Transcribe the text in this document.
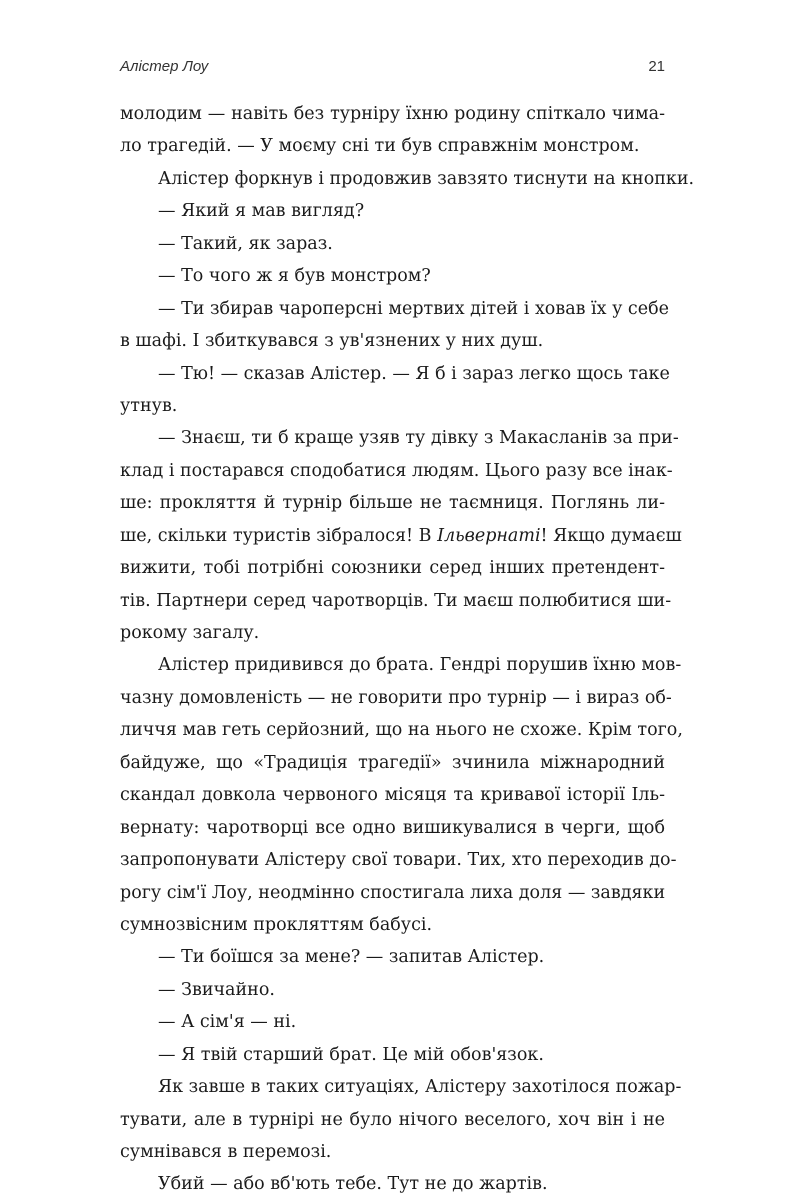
Алістер Лоу	21
молодим — навіть без турніру їхню родину спіткало чима-
ло трагедій. — У моєму сні ти був справжнім монстром.
Алістер форкнув і продовжив завзято тиснути на кнопки.
— Який я мав вигляд?
— Такий, як зараз.
— То чого ж я був монстром?
— Ти збирав чароперсні мертвих дітей і ховав їх у себе
в шафі. І збиткувався з ув'язнених у них душ.
— Тю! — сказав Алістер. — Я б і зараз легко щось таке
утнув.
— Знаєш, ти б краще узяв ту дівку з Макасланів за при-
клад і постарався сподобатися людям. Цього разу все інак-
ше: прокляття й турнір більше не таємниця. Поглянь ли-
ше, скільки туристів зібралося! В Ільвернаті! Якщо думаєш
вижити, тобі потрібні союзники серед інших претендент-
тів. Партнери серед чаротворців. Ти маєш полюбитися ши-
рокому загалу.
Алістер придивився до брата. Гендрі порушив їхню мов-
чазну домовленість — не говорити про турнір — і вираз об-
личчя мав геть серйозний, що на нього не схоже. Крім того,
байдуже, що «Традиція трагедії» зчинила міжнародний
скандал довкола червоного місяця та кривавої історії Іль-
вернату: чаротворці все одно вишикувалися в черги, щоб
запропонувати Алістеру свої товари. Тих, хто переходив до-
рогу сім'ї Лоу, неодмінно спостигала лиха доля — завдяки
сумнозвісним прокляттям бабусі.
— Ти боїшся за мене? — запитав Алістер.
— Звичайно.
— А сім'я — ні.
— Я твій старший брат. Це мій обов'язок.
Як завше в таких ситуаціях, Алістеру захотілося пожар-
тувати, але в турнірі не було нічого веселого, хоч він і не
сумнівався в перемозі.
Убий — або вб'ють тебе. Тут не до жартів.
